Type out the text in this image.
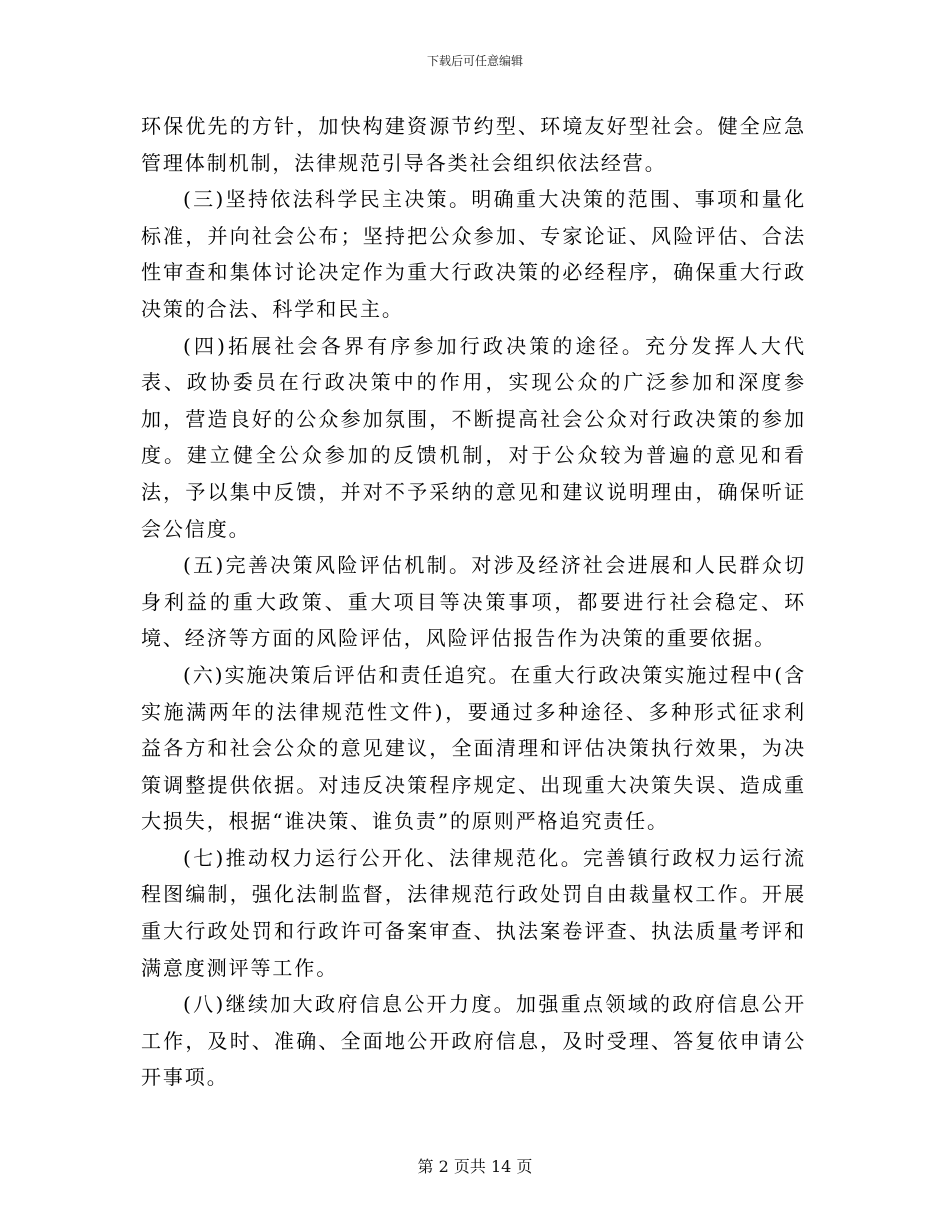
下载后可任意编辑

环保优先的方针，加快构建资源节约型、环境友好型社会。健全应急管理体制机制，法律规范引导各类社会组织依法经营。

(三)坚持依法科学民主决策。明确重大决策的范围、事项和量化标准，并向社会公布；坚持把公众参加、专家论证、风险评估、合法性审查和集体讨论决定作为重大行政决策的必经程序，确保重大行政决策的合法、科学和民主。

(四)拓展社会各界有序参加行政决策的途径。充分发挥人大代表、政协委员在行政决策中的作用，实现公众的广泛参加和深度参加，营造良好的公众参加氛围，不断提高社会公众对行政决策的参加度。建立健全公众参加的反馈机制，对于公众较为普遍的意见和看法，予以集中反馈，并对不予采纳的意见和建议说明理由，确保听证会公信度。

(五)完善决策风险评估机制。对涉及经济社会进展和人民群众切身利益的重大政策、重大项目等决策事项，都要进行社会稳定、环境、经济等方面的风险评估，风险评估报告作为决策的重要依据。

(六)实施决策后评估和责任追究。在重大行政决策实施过程中(含实施满两年的法律规范性文件)，要通过多种途径、多种形式征求利益各方和社会公众的意见建议，全面清理和评估决策执行效果，为决策调整提供依据。对违反决策程序规定、出现重大决策失误、造成重大损失，根据“谁决策、谁负责”的原则严格追究责任。

(七)推动权力运行公开化、法律规范化。完善镇行政权力运行流程图编制，强化法制监督，法律规范行政处罚自由裁量权工作。开展重大行政处罚和行政许可备案审查、执法案卷评查、执法质量考评和满意度测评等工作。

(八)继续加大政府信息公开力度。加强重点领域的政府信息公开工作，及时、准确、全面地公开政府信息，及时受理、答复依申请公开事项。

第 2 页共 14 页
